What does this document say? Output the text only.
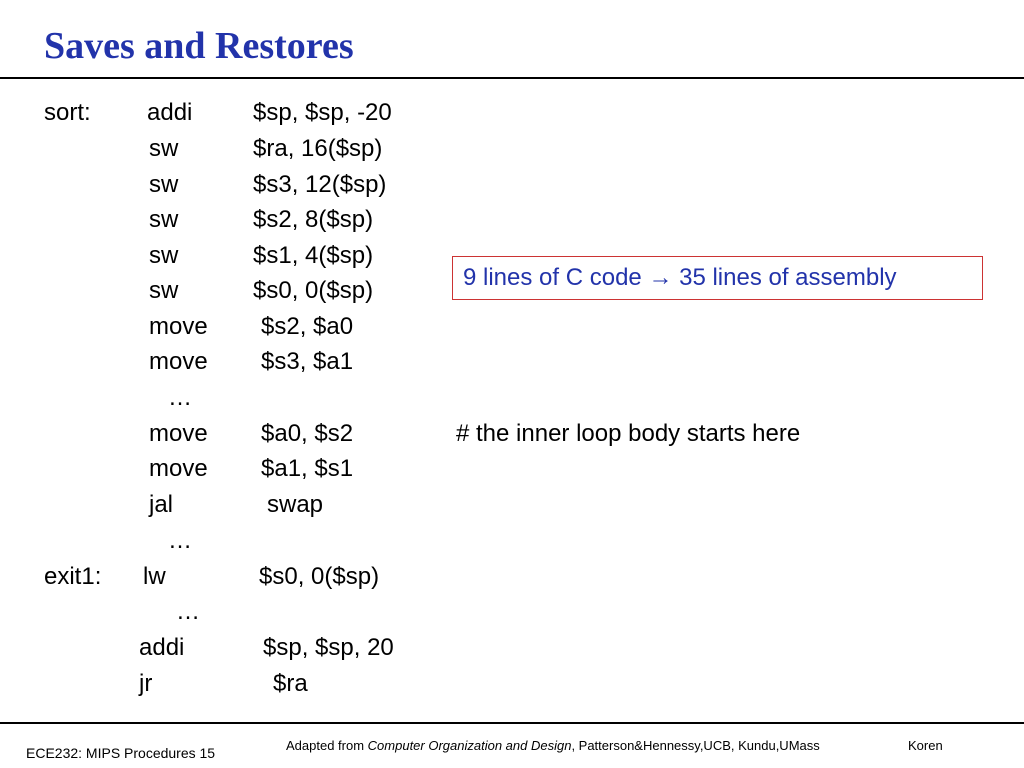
Saves and Restores
sort: addi	$sp, $sp, -20
sw	$ra, 16($sp)
sw	$s3, 12($sp)
sw	$s2, 8($sp)
sw	$s1, 4($sp)
sw	$s0, 0($sp)
move $s2, $a0
move $s3, $a1
…
move $a0, $s2	# the inner loop body starts here
move $a1, $s1
jal	swap
…
exit1: lw	$s0, 0($sp)
…
addi	$sp, $sp, 20
jr	$ra
9 lines of C code → 35 lines of assembly
ECE232: MIPS Procedures 15	Adapted from Computer Organization and Design, Patterson&Hennessy,UCB, Kundu,UMass	Koren
